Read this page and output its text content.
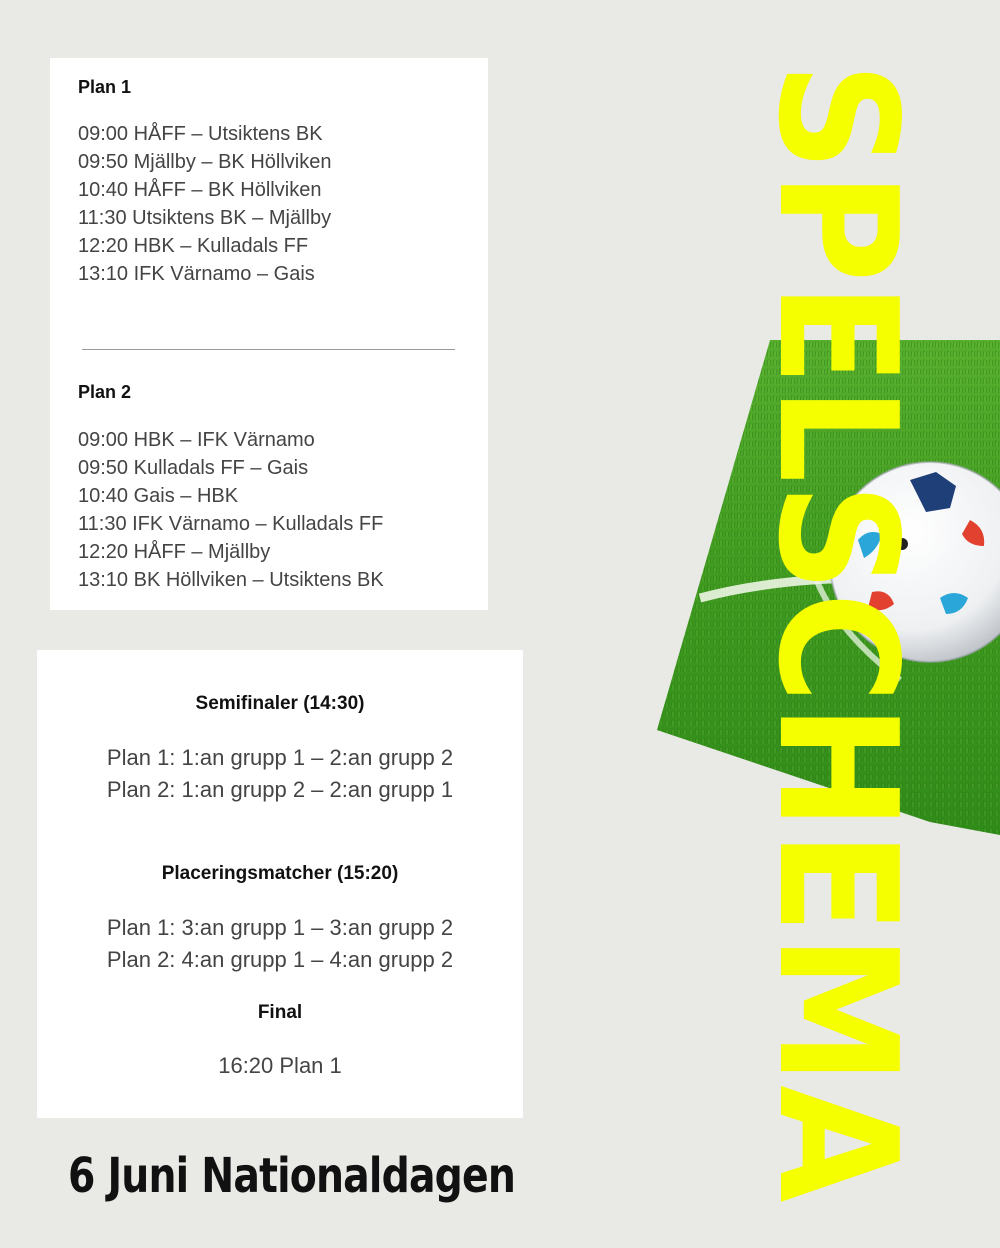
Plan 1
09:00 HÅFF – Utsiktens BK
09:50 Mjällby – BK Höllviken
10:40 HÅFF – BK Höllviken
11:30 Utsiktens BK – Mjällby
12:20 HBK – Kulladals FF
13:10 IFK Värnamo – Gais
Plan 2
09:00 HBK – IFK Värnamo
09:50 Kulladals FF – Gais
10:40 Gais – HBK
11:30 IFK Värnamo – Kulladals FF
12:20 HÅFF – Mjällby
13:10 BK Höllviken – Utsiktens BK
Semifinaler (14:30)
Plan 1: 1:an grupp 1 – 2:an grupp 2
Plan 2: 1:an grupp 2 – 2:an grupp 1
Placeringsmatcher (15:20)
Plan 1: 3:an grupp 1 – 3:an grupp 2
Plan 2: 4:an grupp 1 – 4:an grupp 2
Final
16:20 Plan 1
6 Juni Nationaldagen SPELSCHEMA
